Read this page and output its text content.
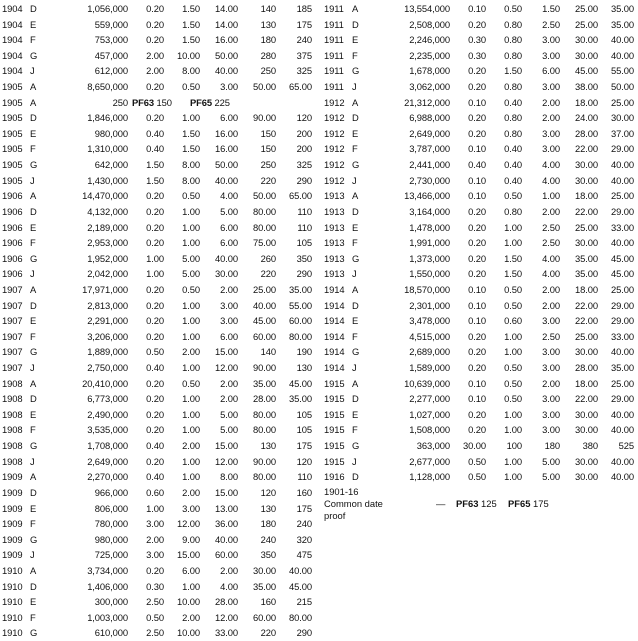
1904 D	1,056,000	0.20	1.50	14.00	140	185
1904 E	559,000	0.20	1.50	14.00	130	175
1904 F	753,000	0.20	1.50	16.00	180	240
1904 G	457,000	2.00	10.00	50.00	280	375
1904 J	612,000	2.00	8.00	40.00	250	325
1905 A	8,650,000	0.20	0.50	3.00	50.00	65.00
1905 A	250 PF63 150 PF65 225
1905 D	1,846,000	0.20	1.00	6.00	90.00	120
1905 E	980,000	0.40	1.50	16.00	150	200
1905 F	1,310,000	0.40	1.50	16.00	150	200
1905 G	642,000	1.50	8.00	50.00	250	325
1905 J	1,430,000	1.50	8.00	40.00	220	290
1906 A	14,470,000	0.20	0.50	4.00	50.00	65.00
1906 D	4,132,000	0.20	1.00	5.00	80.00	110
1906 E	2,189,000	0.20	1.00	6.00	80.00	110
1906 F	2,953,000	0.20	1.00	6.00	75.00	105
1906 G	1,952,000	1.00	5.00	40.00	260	350
1906 J	2,042,000	1.00	5.00	30.00	220	290
1907 A	17,971,000	0.20	0.50	2.00	25.00	35.00
1907 D	2,813,000	0.20	1.00	3.00	40.00	55.00
1907 E	2,291,000	0.20	1.00	3.00	45.00	60.00
1907 F	3,206,000	0.20	1.00	6.00	60.00	80.00
1907 G	1,889,000	0.50	2.00	15.00	140	190
1907 J	2,750,000	0.40	1.00	12.00	90.00	130
1908 A	20,410,000	0.20	0.50	2.00	35.00	45.00
1908 D	6,773,000	0.20	1.00	2.00	28.00	35.00
1908 E	2,490,000	0.20	1.00	5.00	80.00	105
1908 F	3,535,000	0.20	1.00	5.00	80.00	105
1908 G	1,708,000	0.40	2.00	15.00	130	175
1908 J	2,649,000	0.20	1.00	12.00	90.00	120
1909 A	2,270,000	0.40	1.00	8.00	80.00	110
1909 D	966,000	0.60	2.00	15.00	120	160
1909 E	806,000	1.00	3.00	13.00	130	175
1909 F	780,000	3.00	12.00	36.00	180	240
1909 G	980,000	2.00	9.00	40.00	240	320
1909 J	725,000	3.00	15.00	60.00	350	475
1910 A	3,734,000	0.20	6.00	2.00	30.00	40.00
1910 D	1,406,000	0.30	1.00	4.00	35.00	45.00
1910 E	300,000	2.50	10.00	28.00	160	215
1910 F	1,003,000	0.50	2.00	12.00	60.00	80.00
1910 G	610,000	2.50	10.00	33.00	220	290
1911 A	13,554,000	0.10	0.50	1.50	25.00	35.00
1911 D	2,508,000	0.20	0.80	2.50	25.00	35.00
1911 E	2,246,000	0.30	0.80	3.00	30.00	40.00
1911 F	2,235,000	0.30	0.80	3.00	30.00	40.00
1911 G	1,678,000	0.20	1.50	6.00	45.00	55.00
1911 J	3,062,000	0.20	0.80	3.00	38.00	50.00
1912 A	21,312,000	0.10	0.40	2.00	18.00	25.00
1912 D	6,988,000	0.20	0.80	2.00	24.00	30.00
1912 E	2,649,000	0.20	0.80	3.00	28.00	37.00
1912 F	3,787,000	0.10	0.40	3.00	22.00	29.00
1912 G	2,441,000	0.40	0.40	4.00	30.00	40.00
1912 J	2,730,000	0.10	0.40	4.00	30.00	40.00
1913 A	13,466,000	0.10	0.50	1.00	18.00	25.00
1913 D	3,164,000	0.20	0.80	2.00	22.00	29.00
1913 E	1,478,000	0.20	1.00	2.50	25.00	33.00
1913 F	1,991,000	0.20	1.00	2.50	30.00	40.00
1913 G	1,373,000	0.20	1.50	4.00	35.00	45.00
1913 J	1,550,000	0.20	1.50	4.00	35.00	45.00
1914 A	18,570,000	0.10	0.50	2.00	18.00	25.00
1914 D	2,301,000	0.10	0.50	2.00	22.00	29.00
1914 E	3,478,000	0.10	0.60	3.00	22.00	29.00
1914 F	4,515,000	0.20	1.00	2.50	25.00	33.00
1914 G	2,689,000	0.20	1.00	3.00	30.00	40.00
1914 J	1,589,000	0.20	0.50	3.00	28.00	35.00
1915 A	10,639,000	0.10	0.50	2.00	18.00	25.00
1915 D	2,277,000	0.10	0.50	3.00	22.00	29.00
1915 E	1,027,000	0.20	1.00	3.00	30.00	40.00
1915 F	1,508,000	0.20	1.00	3.00	30.00	40.00
1915 G	363,000	30.00	100	180	380	525
1915 J	2,677,000	0.50	1.00	5.00	30.00	40.00
1916 D	1,128,000	0.50	1.00	5.00	30.00	40.00
1901-16
Common date	— PF63 125 PF65 175
proof
